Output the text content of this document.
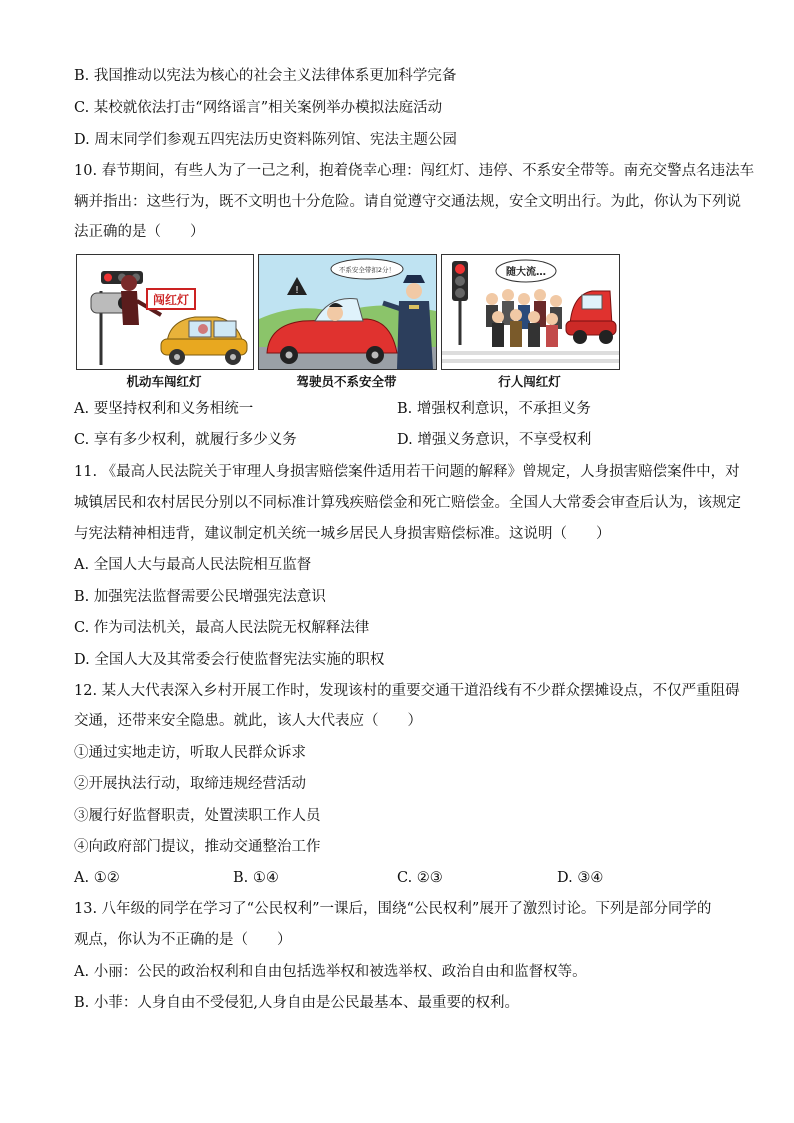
B. 我国推动以宪法为核心的社会主义法律体系更加科学完备
C. 某校就依法打击“网络谣言”相关案例举办模拟法庭活动
D. 周末同学们参观五四宪法历史资料陈列馆、宪法主题公园
10. 春节期间，有些人为了一己之利，抱着侥幸心理：闯红灯、违停、不系安全带等。南充交警点名违法车
辆并指出：这些行为，既不文明也十分危险。请自觉遵守交通法规，安全文明出行。为此，你认为下列说
法正确的是（　　）
闯红灯
机动车闯红灯
!
不系安全带扣2分！
驾驶员不系安全带
随大流…
行人闯红灯
A. 要坚持权利和义务相统一	B. 增强权利意识，不承担义务
C. 享有多少权利，就履行多少义务	D. 增强义务意识，不享受权利
11. 《最高人民法院关于审理人身损害赔偿案件适用若干问题的解释》曾规定，人身损害赔偿案件中，对
城镇居民和农村居民分别以不同标准计算残疾赔偿金和死亡赔偿金。全国人大常委会审查后认为，该规定
与宪法精神相违背，建议制定机关统一城乡居民人身损害赔偿标准。这说明（　　）
A. 全国人大与最高人民法院相互监督
B. 加强宪法监督需要公民增强宪法意识
C. 作为司法机关，最高人民法院无权解释法律
D. 全国人大及其常委会行使监督宪法实施的职权
12. 某人大代表深入乡村开展工作时，发现该村的重要交通干道沿线有不少群众摆摊设点，不仅严重阻碍
交通，还带来安全隐患。就此，该人大代表应（　　）
①通过实地走访，听取人民群众诉求
②开展执法行动，取缔违规经营活动
③履行好监督职责，处置渎职工作人员
④向政府部门提议，推动交通整治工作
A. ①②	B. ①④	C. ②③	D. ③④
13. 八年级的同学在学习了“公民权利”一课后，围绕“公民权利”展开了激烈讨论。下列是部分同学的
观点，你认为不正确的是（　　）
A. 小丽：公民的政治权利和自由包括选举权和被选举权、政治自由和监督权等。
B. 小菲：人身自由不受侵犯,人身自由是公民最基本、最重要的权利。
